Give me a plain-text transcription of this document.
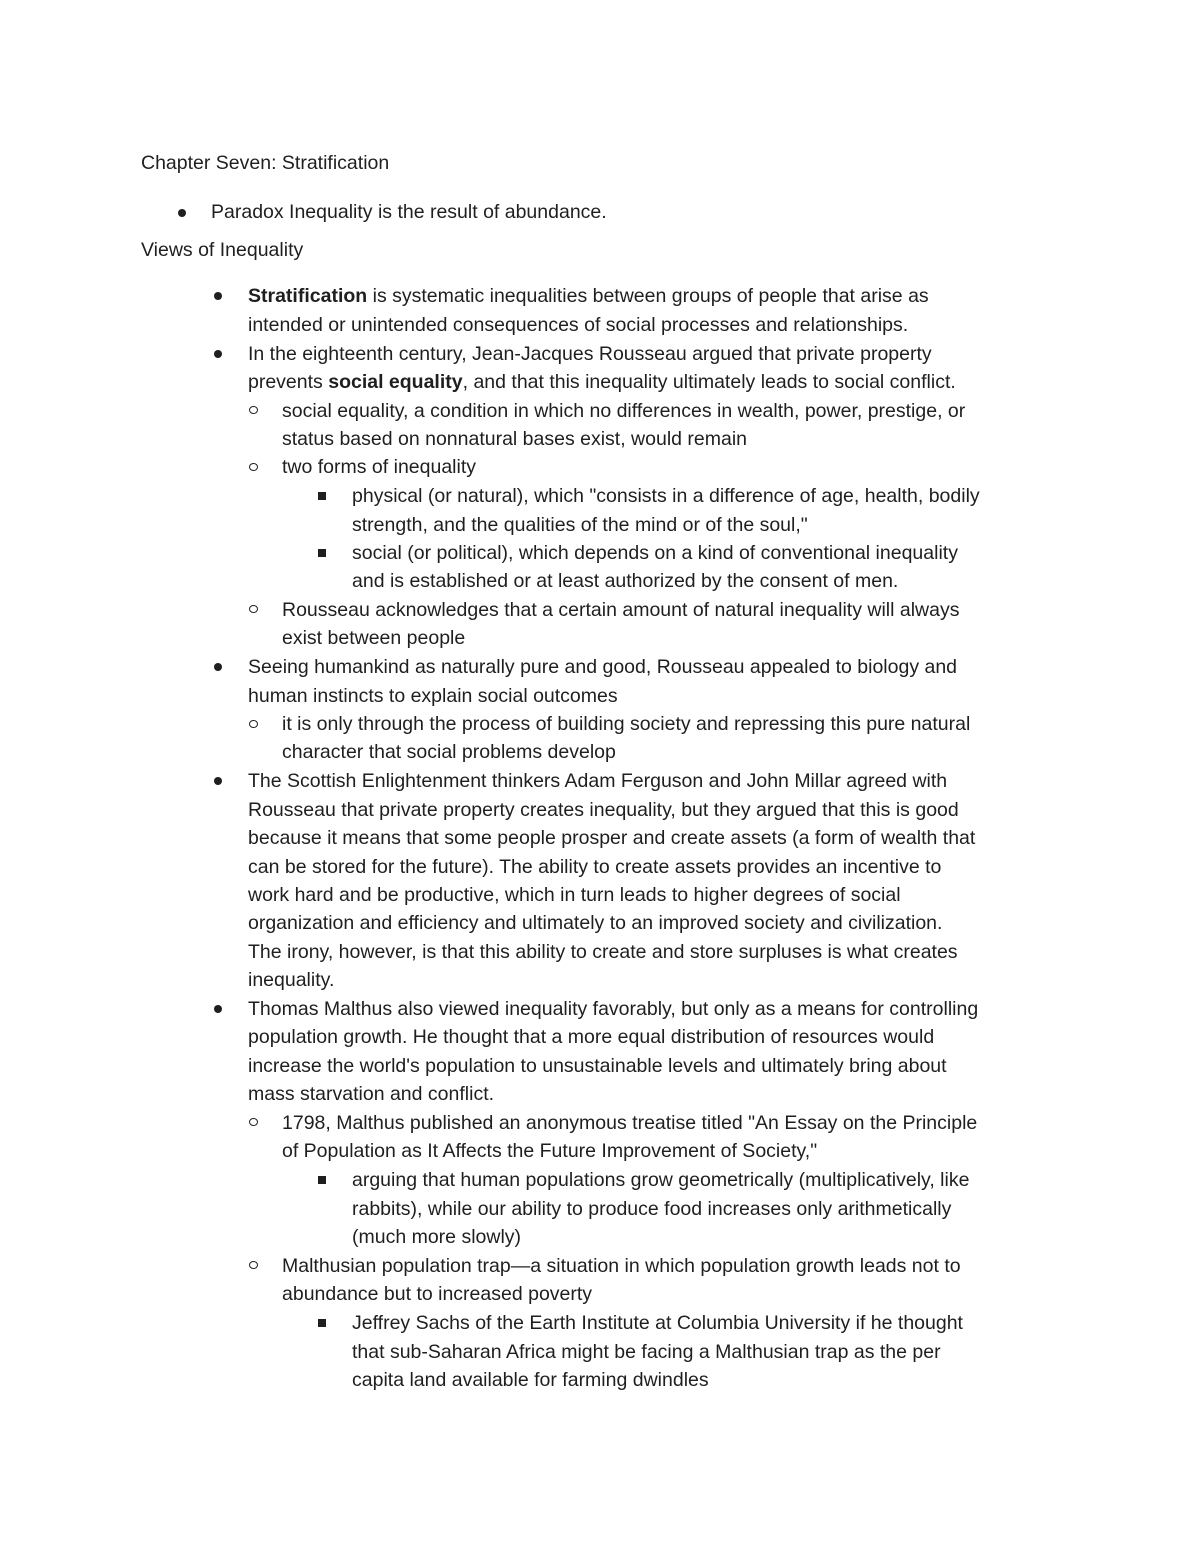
Chapter Seven: Stratification
Paradox Inequality is the result of abundance.
Views of Inequality
Stratification is systematic inequalities between groups of people that arise as
intended or unintended consequences of social processes and relationships.
In the eighteenth century, Jean-Jacques Rousseau argued that private property
prevents social equality, and that this inequality ultimately leads to social conflict.
social equality, a condition in which no differences in wealth, power, prestige, or
status based on nonnatural bases exist, would remain
two forms of inequality
physical (or natural), which "consists in a difference of age, health, bodily
strength, and the qualities of the mind or of the soul,"
social (or political), which depends on a kind of conventional inequality
and is established or at least authorized by the consent of men.
Rousseau acknowledges that a certain amount of natural inequality will always
exist between people
Seeing humankind as naturally pure and good, Rousseau appealed to biology and
human instincts to explain social outcomes
it is only through the process of building society and repressing this pure natural
character that social problems develop
The Scottish Enlightenment thinkers Adam Ferguson and John Millar agreed with
Rousseau that private property creates inequality, but they argued that this is good
because it means that some people prosper and create assets (a form of wealth that
can be stored for the future). The ability to create assets provides an incentive to
work hard and be productive, which in turn leads to higher degrees of social
organization and efficiency and ultimately to an improved society and civilization.
The irony, however, is that this ability to create and store surpluses is what creates
inequality.
Thomas Malthus also viewed inequality favorably, but only as a means for controlling
population growth. He thought that a more equal distribution of resources would
increase the world's population to unsustainable levels and ultimately bring about
mass starvation and conflict.
1798, Malthus published an anonymous treatise titled "An Essay on the Principle
of Population as It Affects the Future Improvement of Society,"
arguing that human populations grow geometrically (multiplicatively, like
rabbits), while our ability to produce food increases only arithmetically
(much more slowly)
Malthusian population trap—a situation in which population growth leads not to
abundance but to increased poverty
Jeffrey Sachs of the Earth Institute at Columbia University if he thought
that sub-Saharan Africa might be facing a Malthusian trap as the per
capita land available for farming dwindles
